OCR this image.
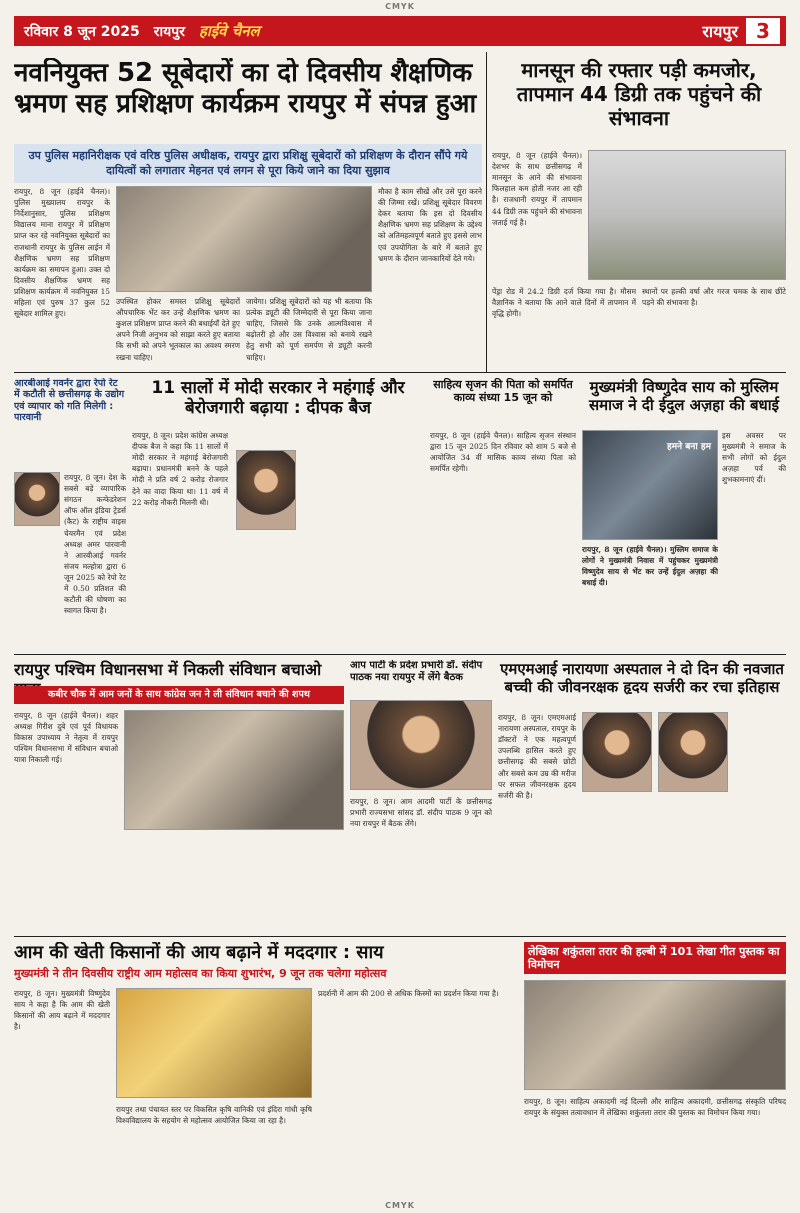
CMYK
रविवार 8 जून 2025 रायपुर हाईवे चैनल	रायपुर 3
नवनियुक्त 52 सूबेदारों का दो दिवसीय शैक्षणिक भ्रमण सह प्रशिक्षण कार्यक्रम रायपुर में संपन्न हुआ
उप पुलिस महानिरीक्षक एवं वरिष्ठ पुलिस अधीक्षक, रायपुर द्वारा प्रशिक्षु सूबेदारों को प्रशिक्षण के दौरान सौंपे गये दायित्वों को लगातार मेहनत एवं लगन से पूरा किये जाने का दिया सुझाव
रायपुर, 8 जून (हाईवे चैनल)। पुलिस मुख्यालय रायपुर के निर्देशानुसार, पुलिस प्रशिक्षण विद्यालय माना रायपुर में प्रशिक्षण प्राप्त कर रहे नवनियुक्त सूबेदारों का राजधानी रायपुर के पुलिस लाईन में शैक्षणिक भ्रमण सह प्रशिक्षण कार्यक्रम का समापन हुआ। उक्त दो दिवसीय शैक्षणिक भ्रमण सह प्रशिक्षण कार्यक्रम में नवनियुक्त 15 महिला एवं पुरुष 37 कुल 52 सूबेदार शामिल हुए।
उपस्थित होकर समस्त प्रशिक्षु सूबेदारों औपचारिक भेंट कर उन्हे शैक्षणिक भ्रमण का कुशल प्रशिक्षण प्राप्त करने की बधाईयाँ देते हुए अपने निजी अनुभव को साझा करते हुए बताया कि सभी को अपने भूतकाल का अवश्य स्मरण रखना चाहिए।
जायेगा। प्रशिक्षु सूबेदारों को यह भी बताया कि प्रत्येक ड्यूटी की जिम्मेदारी से पूरा किया जाना चाहिए, जिससे कि उनके आत्मविश्वास में बढ़ोतरी हो और उस विश्वास को बनाये रखने हेतु सभी को पूर्ण समर्पण से ड्यूटी करनी चाहिए।
मौका है काम सीखें और उसे पूरा करने की जिम्मा रखें। प्रशिक्षु सूबेदार विवरण देकर बताया कि इस दो दिवसीय शैक्षणिक भ्रमण सह प्रशिक्षण के उद्देश्य को अतिमहत्वपूर्ण बताते हुए इससे लाभ एवं उपयोगिता के बारे में बताते हुए भ्रमण के दौरान जानकारियों देते गये।
मानसून की रफ्तार पड़ी कमजोर, तापमान 44 डिग्री तक पहुंचने की संभावना
रायपुर, 8 जून (हाईवे चैनल)। देशभर के साथ छत्तीसगढ़ में मानसून के आने की संभावना फिलहाल कम होती नजर आ रही है। राजधानी रायपुर में तापमान 44 डिग्री तक पहुंचने की संभावना जताई गई है।
पेंड्रा रोड में 24.2 डिग्री दर्ज किया गया है। मौसम वैज्ञानिक ने बताया कि आने वाले दिनों में तापमान में वृद्धि होगी।
स्थानों पर हल्की वर्षा और गरज चमक के साथ छींटे पड़ने की संभावना है।
आरबीआई गवर्नर द्वारा रेपो रेट में कटौती से छत्तीसगढ़ के उद्योग एवं व्यापार को गति मिलेगी : पारवानी
रायपुर, 8 जून। देश के सबसे बड़े व्यापारिक संगठन कन्फेडरेशन ऑफ ऑल इंडिया ट्रेडर्स (कैट) के राष्ट्रीय वाइस चेयरमैन एवं प्रदेश अध्यक्ष अमर पारवानी ने आरबीआई गवर्नर संजय मल्होत्रा द्वारा 6 जून 2025 को रेपो रेट में 0.50 प्रतिशत की कटौती की घोषणा का स्वागत किया है।
11 सालों में मोदी सरकार ने महंगाई और बेरोजगारी बढ़ाया : दीपक बैज
रायपुर, 8 जून। प्रदेश कांग्रेस अध्यक्ष दीपक बैज ने कहा कि 11 सालों में मोदी सरकार ने महंगाई बेरोजगारी बढ़ाया। प्रधानमंत्री बनने के पहले मोदी ने प्रति वर्ष 2 करोड़ रोजगार देने का वादा किया था। 11 वर्ष में 22 करोड़ नौकरी मिलनी थी।
साहित्य सृजन की पिता को समर्पित काव्य संध्या 15 जून को
रायपुर, 8 जून (हाईवे चैनल)। साहित्य सृजन संस्थान द्वारा 15 जून 2025 दिन रविवार को शाम 5 बजे से आयोजित 34 वीं मासिक काव्य संध्या पिता को समर्पित रहेगी।
मुख्यमंत्री विष्णुदेव साय को मुस्लिम समाज ने दी ईदुल अज़हा की बधाई
हमने बना हम
इस अवसर पर मुख्यमंत्री ने समाज के सभी लोगों को ईदुल अज़हा पर्व की शुभकामनाएं दीं।
रायपुर, 8 जून (हाईवे चैनल)। मुस्लिम समाज के लोगों ने मुख्यमंत्री निवास में पहुंचकर मुख्यमंत्री विष्णुदेव साय से भेंट कर उन्हें ईदुल अज़हा की बधाई दी।
रायपुर पश्चिम विधानसभा में निकली संविधान बचाओ
कबीर चौक में आम जनों के साथ कांग्रेस जन ने ली संविधान बचाने की शपथ
रायपुर, 8 जून (हाईवे चैनल)। शहर अध्यक्ष गिरीश दुबे एवं पूर्व विधायक विकास उपाध्याय ने नेतृत्व में रायपुर पश्चिम विधानसभा में संविधान बचाओ यात्रा निकाली गई।
आप पार्टी के प्रदेश प्रभारी डॉ. संदीप पाठक नया रायपुर में लेंगे बैठक
रायपुर, 8 जून। आम आदमी पार्टी के छत्तीसगढ़ प्रभारी राज्यसभा सांसद डॉ. संदीप पाठक 9 जून को नया रायपुर में बैठक लेंगे।
एमएमआई नारायणा अस्पताल ने दो दिन की नवजात बच्ची की जीवनरक्षक हृदय सर्जरी कर रचा इतिहास
रायपुर, 8 जून। एमएमआई नारायणा अस्पताल, रायपुर के डॉक्टरों ने एक महत्वपूर्ण उपलब्धि हासिल करते हुए छत्तीसगढ़ की सबसे छोटी और सबसे कम उम्र की मरीज पर सफल जीवनरक्षक हृदय सर्जरी की है।
आम की खेती किसानों की आय बढ़ाने में मददगार : साय
मुख्यमंत्री ने तीन दिवसीय राष्ट्रीय आम महोत्सव का किया शुभारंभ, 9 जून तक चलेगा महोत्सव
रायपुर, 8 जून। मुख्यमंत्री विष्णुदेव साय ने कहा है कि आम की खेती किसानों की आय बढ़ाने में मददगार है।
रायपुर तथा पंचायत स्तर पर विकसित कृषि वानिकी एवं इंदिरा गांधी कृषि विश्वविद्यालय के सहयोग से महोत्सव आयोजित किया जा रहा है।
प्रदर्शनी में आम की 200 से अधिक किस्मों का प्रदर्शन किया गया है।
लेखिका शकुंतला तरार की हल्बी में 101 लेखा गीत पुस्तक का विमोचन
रायपुर, 8 जून। साहित्य अकादमी नई दिल्ली और साहित्य अकादमी, छत्तीसगढ़ संस्कृति परिषद रायपुर के संयुक्त तत्वावधान में लेखिका शकुंतला तरार की पुस्तक का विमोचन किया गया।
CMYK
